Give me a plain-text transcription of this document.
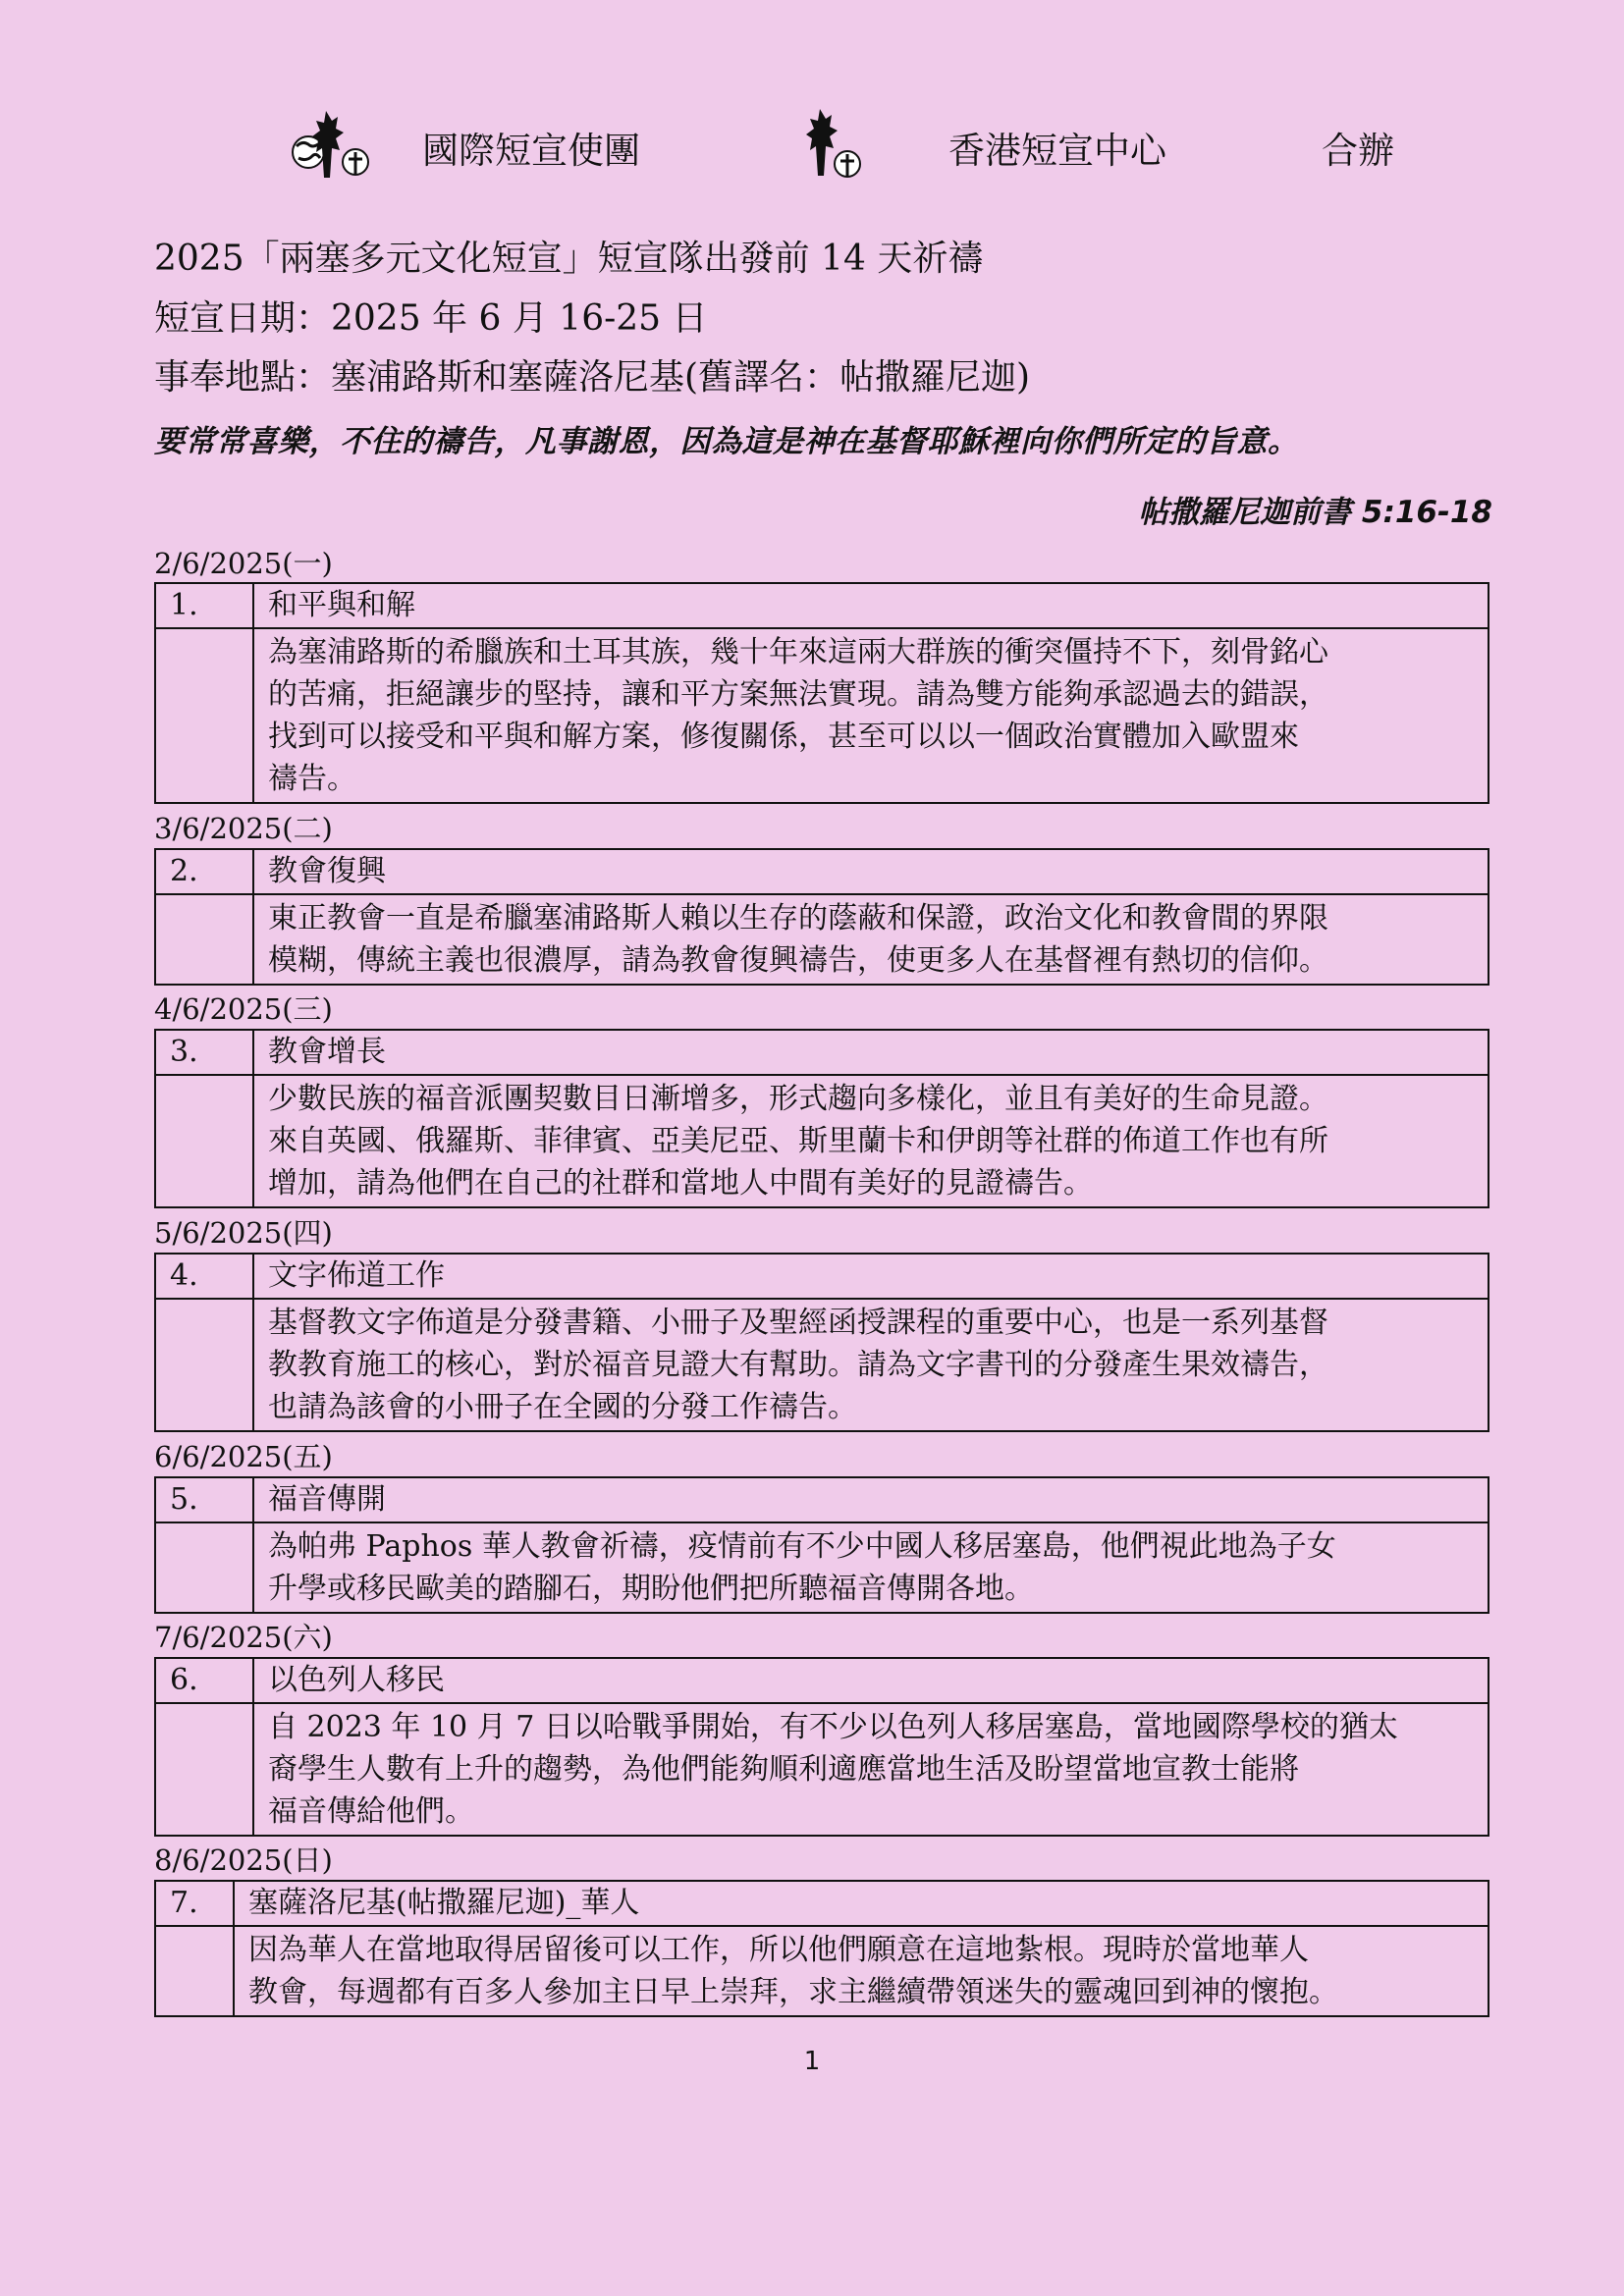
國際短宣使團	香港短宣中心	合辦
2025「兩塞多元文化短宣」短宣隊出發前 14 天祈禱
短宣日期：2025 年 6 月 16-25 日
事奉地點：塞浦路斯和塞薩洛尼基(舊譯名：帖撒羅尼迦)
要常常喜樂，不住的禱告，凡事謝恩，因為這是神在基督耶穌裡向你們所定的旨意。
帖撒羅尼迦前書 5:16-18
2/6/2025(一)
1.	和平與和解

	為塞浦路斯的希臘族和土耳其族，幾十年來這兩大群族的衝突僵持不下，刻骨銘心
的苦痛，拒絕讓步的堅持，讓和平方案無法實現。請為雙方能夠承認過去的錯誤，
找到可以接受和平與和解方案，修復關係，甚至可以以一個政治實體加入歐盟來
禱告。
3/6/2025(二)
2.	教會復興

	東正教會一直是希臘塞浦路斯人賴以生存的蔭蔽和保證，政治文化和教會間的界限
模糊，傳統主義也很濃厚，請為教會復興禱告，使更多人在基督裡有熱切的信仰。
4/6/2025(三)
3.	教會增長

	少數民族的福音派團契數目日漸增多，形式趨向多樣化，並且有美好的生命見證。
來自英國、俄羅斯、菲律賓、亞美尼亞、斯里蘭卡和伊朗等社群的佈道工作也有所
增加，請為他們在自己的社群和當地人中間有美好的見證禱告。
5/6/2025(四)
4.	文字佈道工作

	基督教文字佈道是分發書籍、小冊子及聖經函授課程的重要中心，也是一系列基督
教教育施工的核心，對於福音見證大有幫助。請為文字書刊的分發產生果效禱告，
也請為該會的小冊子在全國的分發工作禱告。
6/6/2025(五)
5.	福音傳開

	為帕弗 Paphos 華人教會祈禱，疫情前有不少中國人移居塞島，他們視此地為子女
升學或移民歐美的踏腳石，期盼他們把所聽福音傳開各地。
7/6/2025(六)
6.	以色列人移民

	自 2023 年 10 月 7 日以哈戰爭開始，有不少以色列人移居塞島，當地國際學校的猶太
裔學生人數有上升的趨勢，為他們能夠順利適應當地生活及盼望當地宣教士能將
福音傳給他們。
8/6/2025(日)
7.	塞薩洛尼基(帖撒羅尼迦)_華人

	因為華人在當地取得居留後可以工作，所以他們願意在這地紮根。現時於當地華人
教會，每週都有百多人參加主日早上崇拜，求主繼續帶領迷失的靈魂回到神的懷抱。
1
